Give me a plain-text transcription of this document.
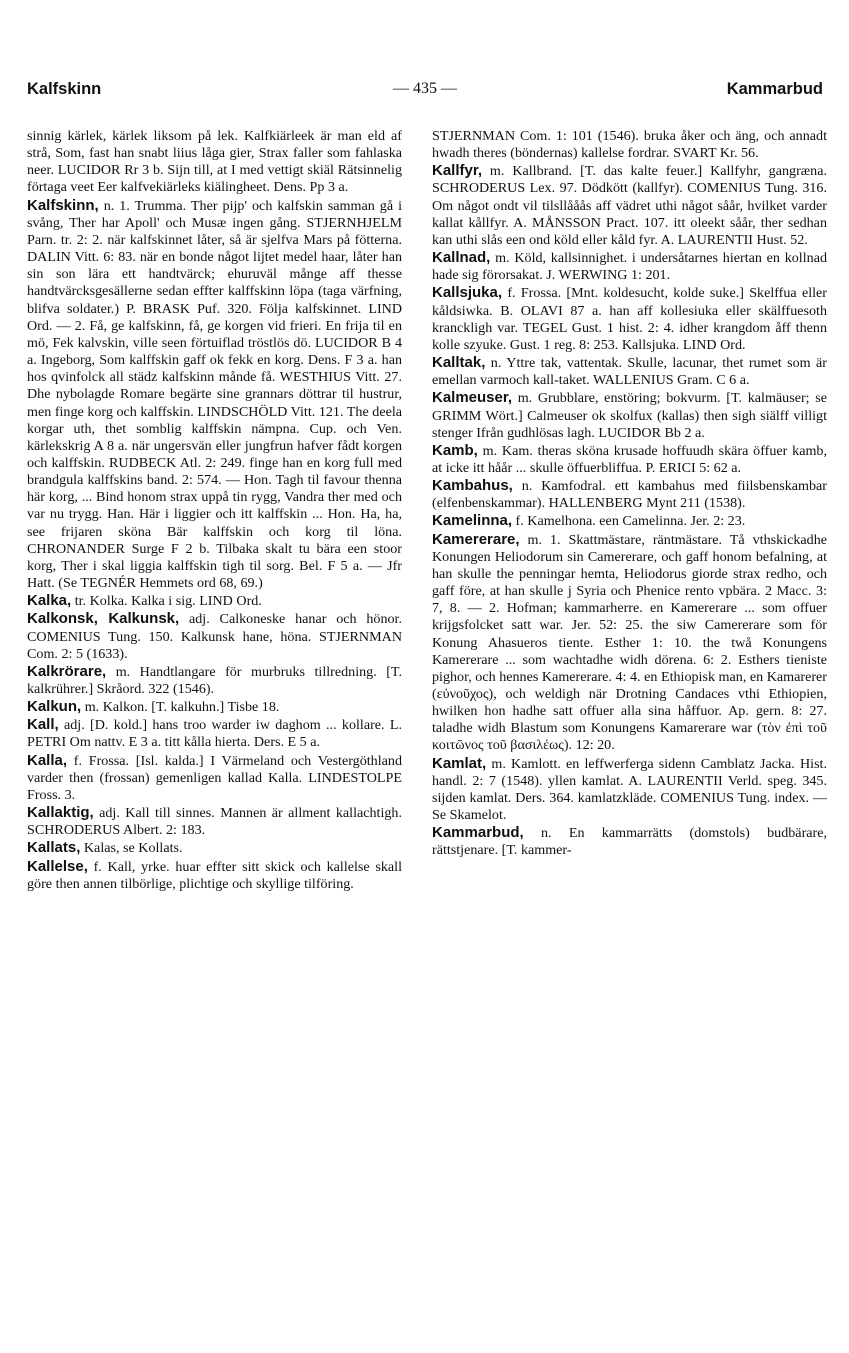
Kalfskinn	— 435 —	Kammarbud

sinnig kärlek, kärlek liksom på lek. Kalfkiärleek är man eld af strå, Som, fast han snabt liius låga gier, Strax faller som fahlaska neer. LUCIDOR Rr 3 b. Sijn till, at I med vettigt skiäl Rätsinnelig förtaga veet Eer kalfvekiärleks kiälingheet. Dens. Pp 3 a.

Kalfskinn, n. 1. Trumma. Ther pijp' och kalfskin samman gå i svång, Ther har Apoll' och Musæ ingen gång. STJERNHJELM Parn. tr. 2: 2. när kalfskinnet låter, så är sjelfva Mars på fötterna. DALIN Vitt. 6: 83. när en bonde något lijtet medel haar, låter han sin son lära ett handtvärck; ehuruväl månge aff thesse handtvärcksgesällerne sedan effter kalffskinn löpa (taga värfning, blifva soldater.) P. BRASK Puf. 320. Följa kalfskinnet. LIND Ord. — 2. Få, ge kalfskinn, få, ge korgen vid frieri. En frija til en mö, Fek kalvskin, ville seen förtuiflad tröstlös dö. LUCIDOR B 4 a. Ingeborg, Som kalffskin gaff ok fekk en korg. Dens. F 3 a. han hos qvinfolck all städz kalfskinn månde få. WESTHIUS Vitt. 27. Dhe nybolagde Romare begärte sine grannars döttrar til hustrur, men finge korg och kalffskin. LINDSCHÖLD Vitt. 121. The deela korgar uth, thet somblig kalffskin nämpna. Cup. och Ven. kärlekskrig A 8 a. när ungersvän eller jungfrun hafver fådt korgen och kalffskin. RUDBECK Atl. 2: 249. finge han en korg full med brandgula kalffskins band. 2: 574. — Hon. Tagh til favour thenna här korg, ... Bind honom strax uppå tin rygg, Vandra ther med och var nu trygg. Han. Här i liggier och itt kalffskin ... Hon. Ha, ha, see frijaren sköna Bär kalffskin och korg til löna. CHRONANDER Surge F 2 b. Tilbaka skalt tu bära een stoor korg, Ther i skal liggia kalffskin tigh til sorg. Bel. F 5 a. — Jfr Hatt. (Se TEGNÉR Hemmets ord 68, 69.)

Kalka, tr. Kolka. Kalka i sig. LIND Ord.

Kalkonsk, Kalkunsk, adj. Calkoneske hanar och hönor. COMENIUS Tung. 150. Kalkunsk hane, höna. STJERNMAN Com. 2: 5 (1633).

Kalkrörare, m. Handtlangare för murbruks tillredning. [T. kalkrührer.] Skråord. 322 (1546).

Kalkun, m. Kalkon. [T. kalkuhn.] Tisbe 18.

Kall, adj. [D. kold.] hans troo warder iw daghom ... kollare. L. PETRI Om nattv. E 3 a. titt kålla hierta. Ders. E 5 a.

Kalla, f. Frossa. [Isl. kalda.] I Värmeland och Vestergöthland varder then (frossan) gemenligen kallad Kalla. LINDESTOLPE Fross. 3.

Kallaktig, adj. Kall till sinnes. Mannen är allment kallachtigh. SCHRODERUS Albert. 2: 183.

Kallats, Kalas, se Kollats.

Kallelse, f. Kall, yrke. huar effter sitt skick och kallelse skall göre then annen tilbörlige, plichtige och skyllige tilföring.

STJERNMAN Com. 1: 101 (1546). bruka åker och äng, och annadt hwadh theres (böndernas) kallelse fordrar. SVART Kr. 56.

Kallfyr, m. Kallbrand. [T. das kalte feuer.] Kallfyhr, gangræna. SCHRODERUS Lex. 97. Dödkött (kallfyr). COMENIUS Tung. 316. Om något ondt vil tilsllååås aff vädret uthi något såår, hvilket varder kallat kållfyr. A. MÅNSSON Pract. 107. itt oleekt såår, ther sedhan kan uthi slås een ond köld eller kåld fyr. A. LAURENTII Hust. 52.

Kallnad, m. Köld, kallsinnighet. i undersåtarnes hiertan en kollnad hade sig förorsakat. J. WERWING 1: 201.

Kallsjuka, f. Frossa. [Mnt. koldesucht, kolde suke.] Skelffua eller kåldsiwka. B. OLAVI 87 a. han aff kollesiuka eller skälffuesoth kranckligh var. TEGEL Gust. 1 hist. 2: 4. idher krangdom åff thenn kolle szyuke. Gust. 1 reg. 8: 253. Kallsjuka. LIND Ord.

Kalltak, n. Yttre tak, vattentak. Skulle, lacunar, thet rumet som är emellan varmoch kall-taket. WALLENIUS Gram. C 6 a.

Kalmeuser, m. Grubblare, enstöring; bokvurm. [T. kalmäuser; se GRIMM Wört.] Calmeuser ok skolfux (kallas) then sigh siälff villigt stenger Ifrån gudhlösas lagh. LUCIDOR Bb 2 a.

Kamb, m. Kam. theras sköna krusade hoffuudh skära öffuer kamb, at icke itt håår ... skulle öffuerbliffua. P. ERICI 5: 62 a.

Kambahus, n. Kamfodral. ett kambahus med fiilsbenskambar (elfenbenskammar). HALLENBERG Mynt 211 (1538).

Kamelinna, f. Kamelhona. een Camelinna. Jer. 2: 23.

Kamererare, m. 1. Skattmästare, räntmästare. Tå vthskickadhe Konungen Heliodorum sin Camererare, och gaff honom befalning, at han skulle the penningar hemta, Heliodorus giorde strax redho, och gaff före, at han skulle j Syria och Phenice rento vpbära. 2 Macc. 3: 7, 8. — 2. Hofman; kammarherre. en Kamererare ... som offuer krijgsfolcket satt war. Jer. 52: 25. the siw Camererare som för Konung Ahasueros tiente. Esther 1: 10. the twå Konungens Kamererare ... som wachtadhe widh dörena. 6: 2. Esthers tieniste pighor, och hennes Kamererare. 4: 4. en Ethiopisk man, en Kamarerer (εὐνοῦχος), och weldigh när Drotning Candaces vthi Ethiopien, hwilken hon hadhe satt offuer alla sina håffuor. Ap. gern. 8: 27. taladhe widh Blastum som Konungens Kamarerare war (τὸν ἐπὶ τοῦ κοιτῶνος τοῦ βασιλέως). 12: 20.

Kamlat, m. Kamlott. en leffwerferga sidenn Camblatz Jacka. Hist. handl. 2: 7 (1548). yllen kamlat. A. LAURENTII Verld. speg. 345. sijden kamlat. Ders. 364. kamlatzkläde. COMENIUS Tung. index. — Se Skamelot.

Kammarbud, n. En kammarrätts (domstols) budbärare, rättstjenare. [T. kammer-
